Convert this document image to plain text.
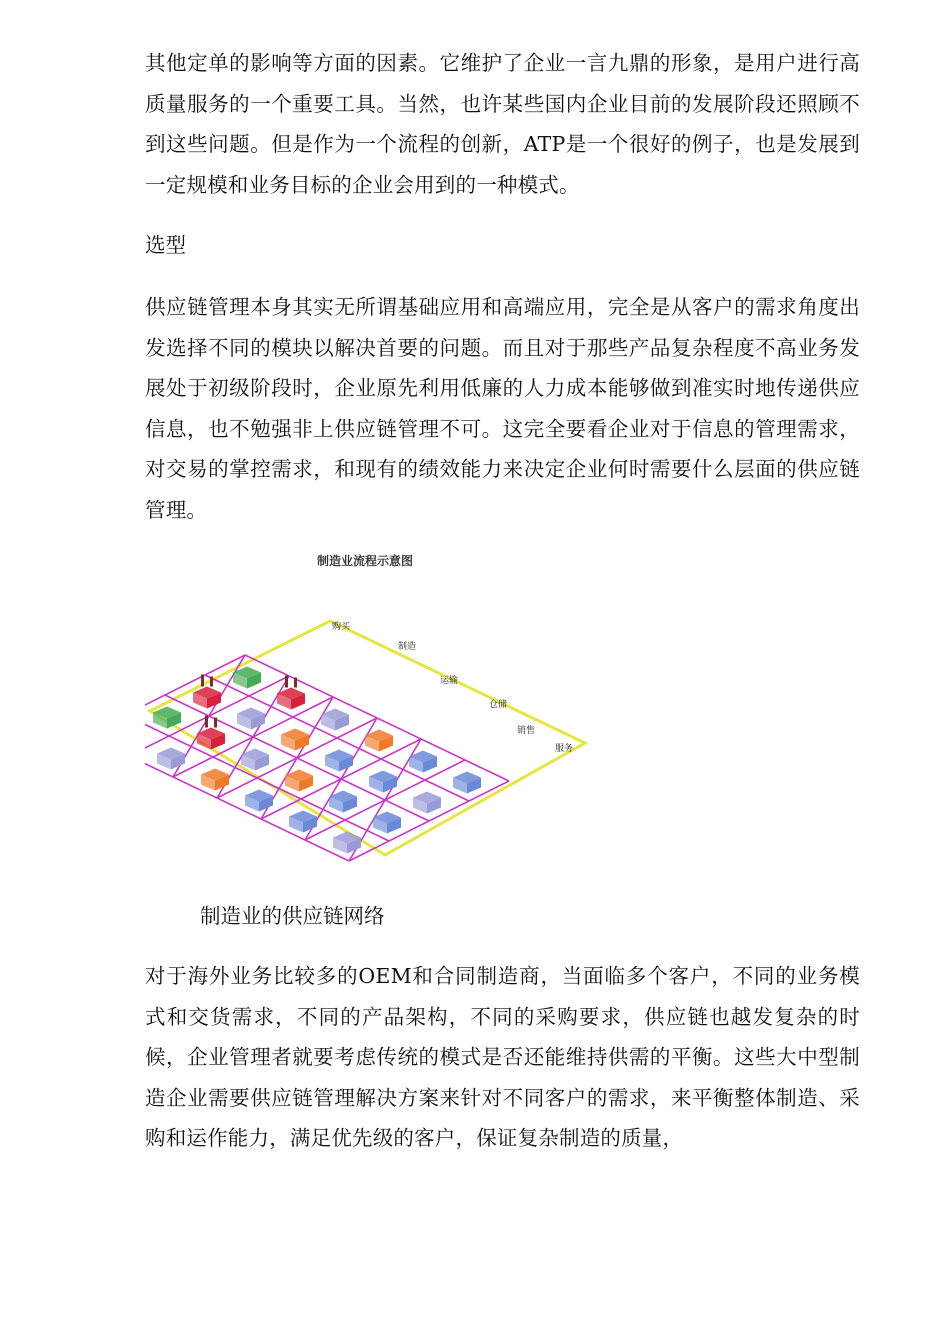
其他定单的影响等方面的因素。它维护了企业一言九鼎的形象，是用户进行高质量服务的一个重要工具。当然，也许某些国内企业目前的发展阶段还照顾不到这些问题。但是作为一个流程的创新，ATP是一个很好的例子，也是发展到一定规模和业务目标的企业会用到的一种模式。

选型

供应链管理本身其实无所谓基础应用和高端应用，完全是从客户的需求角度出发选择不同的模块以解决首要的问题。而且对于那些产品复杂程度不高业务发展处于初级阶段时，企业原先利用低廉的人力成本能够做到准实时地传递供应信息，也不勉强非上供应链管理不可。这完全要看企业对于信息的管理需求，对交易的掌控需求，和现有的绩效能力来决定企业何时需要什么层面的供应链管理。

制造业流程示意图
购买
制造
运输
仓储
销售
服务

制造业的供应链网络

对于海外业务比较多的OEM和合同制造商，当面临多个客户，不同的业务模式和交货需求，不同的产品架构，不同的采购要求，供应链也越发复杂的时候，企业管理者就要考虑传统的模式是否还能维持供需的平衡。这些大中型制造企业需要供应链管理解决方案来针对不同客户的需求，来平衡整体制造、采购和运作能力，满足优先级的客户，保证复杂制造的质量，
